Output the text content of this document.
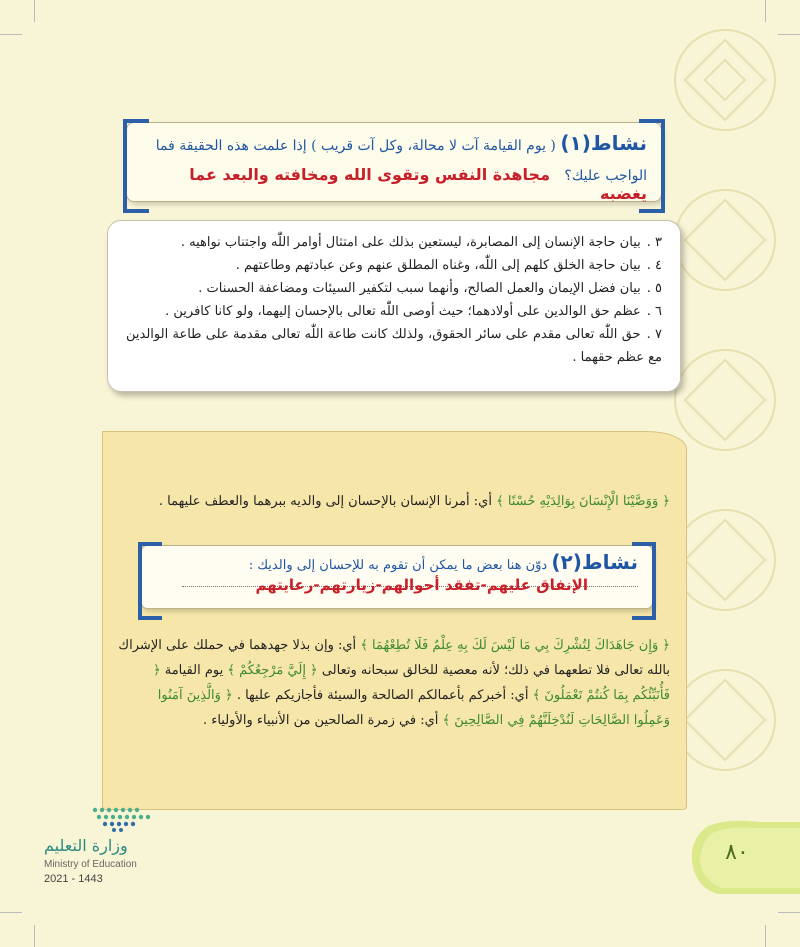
نشاط(١) ( يوم القيامة آت لا محالة، وكل آت قريب ) إذا علمت هذه الحقيقة فما
الواجب عليك؟ مجاهدة النفس وتقوى الله ومخافته والبعد عما يغضبه
٣ .بيان حاجة الإنسان إلى المصابرة، ليستعين بذلك على امتثال أوامر اللّٰه واجتناب نواهيه .
٤ .بيان حاجة الخلق كلهم إلى اللّٰه، وغناه المطلق عنهم وعن عبادتهم وطاعتهم .
٥ .بيان فضل الإيمان والعمل الصالح، وأنهما سبب لتكفير السيئات ومضاعفة الحسنات .
٦ .عظم حق الوالدين على أولادهما؛ حيث أوصى اللّٰه تعالى بالإحسان إليهما، ولو كانا كافرين .
٧ .حق اللّٰه تعالى مقدم على سائر الحقوق، ولذلك كانت طاعة اللّٰه تعالى مقدمة على طاعة الوالدين مع عظم حقهما .
﴿ وَوَصَّيْنَا الْإِنْسَانَ بِوَالِدَيْهِ حُسْنًا ﴾ أي: أمرنا الإنسان بالإحسان إلى والديه ببرهما والعطف عليهما .
نشاط(٢) دوّن هنا بعض ما يمكن أن تقوم به للإحسان إلى والديك :
الإنفاق عليهم-تفقد أحوالهم-زيارتهم-رعايتهم
﴿ وَإِن جَاهَدَاكَ لِتُشْرِكَ بِي مَا لَيْسَ لَكَ بِهِ عِلْمٌ فَلَا تُطِعْهُمَا ﴾ أي: وإن بذلا جهدهما في حملك على الإشراك بالله تعالى فلا تطعهما في ذلك؛ لأنه معصية للخالق سبحانه وتعالى ﴿ إِلَيَّ مَرْجِعُكُمْ ﴾ يوم القيامة ﴿ فَأُنَبِّئُكُم بِمَا كُنتُمْ تَعْمَلُونَ ﴾ أي: أخبركم بأعمالكم الصالحة والسيئة فأجازيكم عليها . ﴿ وَالَّذِينَ آمَنُوا وَعَمِلُوا الصَّالِحَاتِ لَنُدْخِلَنَّهُمْ فِي الصَّالِحِينَ ﴾ أي: في زمرة الصالحين من الأنبياء والأولياء .
وزارة التعليم
Ministry of Education
2021 - 1443
٨٠
